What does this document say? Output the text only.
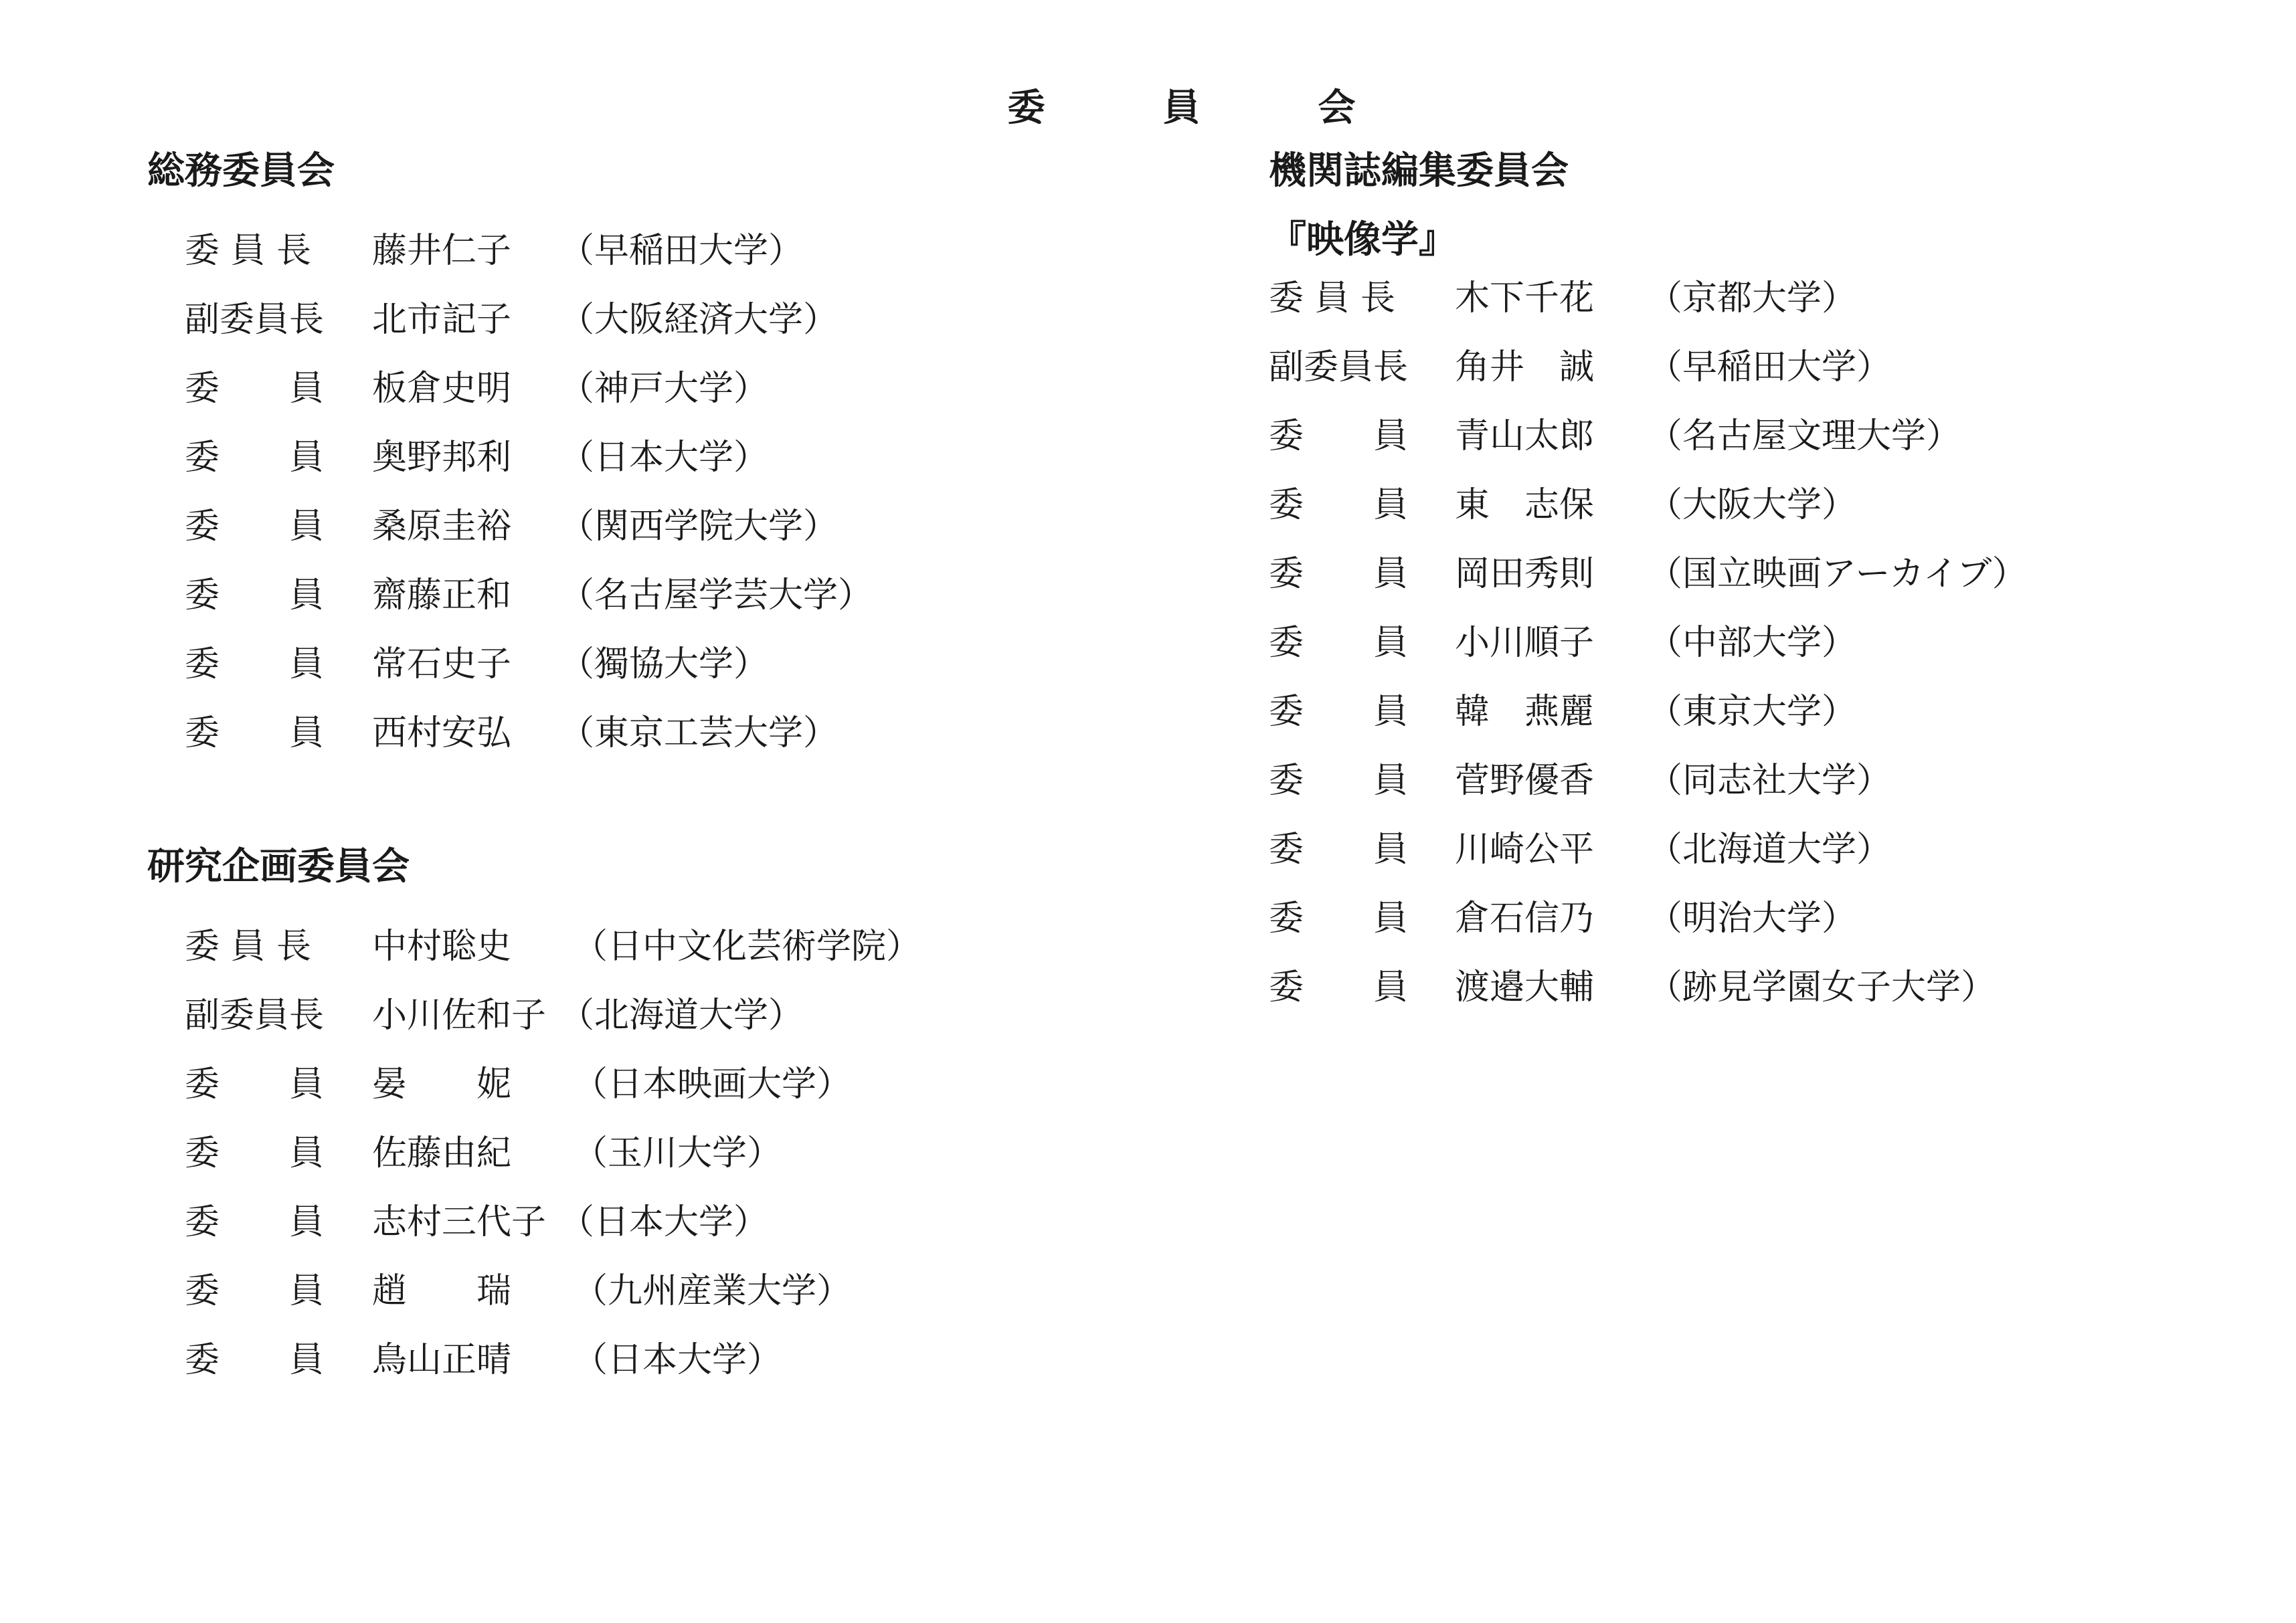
委　員　会
総務委員会
委 員 長 藤井仁子 （早稲田大学）
副委員長 北市記子 （大阪経済大学）
委　　員 板倉史明 （神戸大学）
委　　員 奥野邦利 （日本大学）
委　　員 桑原圭裕 （関西学院大学）
委　　員 齋藤正和 （名古屋学芸大学）
委　　員 常石史子 （獨協大学）
委　　員 西村安弘 （東京工芸大学）
研究企画委員会
委 員 長 中村聡史 （日中文化芸術学院）
副委員長 小川佐和子 （北海道大学）
委　　員 晏　　妮 （日本映画大学）
委　　員 佐藤由紀 （玉川大学）
委　　員 志村三代子 （日本大学）
委　　員 趙　　瑞 （九州産業大学）
委　　員 鳥山正晴 （日本大学）
機関誌編集委員会
『映像学』
委 員 長 木下千花 （京都大学）
副委員長 角井　誠 （早稲田大学）
委　　員 青山太郎 （名古屋文理大学）
委　　員 東　志保 （大阪大学）
委　　員 岡田秀則 （国立映画アーカイブ）
委　　員 小川順子 （中部大学）
委　　員 韓　燕麗 （東京大学）
委　　員 菅野優香 （同志社大学）
委　　員 川崎公平 （北海道大学）
委　　員 倉石信乃 （明治大学）
委　　員 渡邉大輔 （跡見学園女子大学）
